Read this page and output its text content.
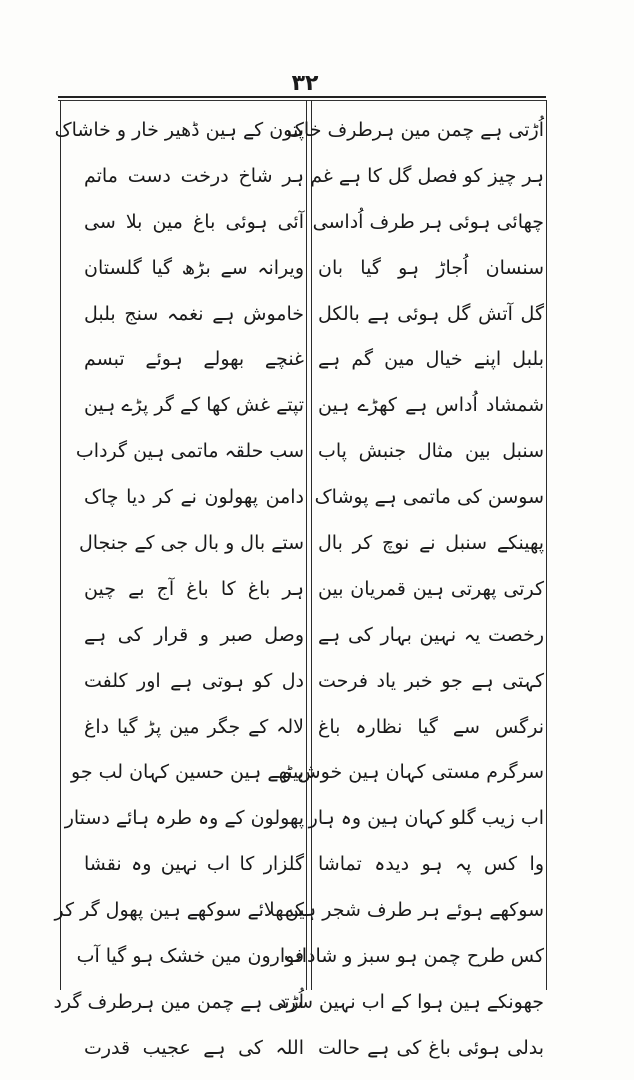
۳۲
اُڑتی ہے چمن مین ہرطرف خاک
ہر چیز کو فصل گل کا ہے غم
چھائی ہوئی ہر طرف اُداسی
سنسان اُجاڑ ہو گیا بان
گل آتش گل ہوئی ہے بالکل
بلبل اپنے خیال مین گم ہے
شمشاد اُداس ہے کھڑے ہین
سنبل بین مثال جنبش پاب
سوسن کی ماتمی ہے پوشاک
پھینکے سنبل نے نوچ کر بال
کرتی پھرتی ہین قمریان بین
رخصت یہ نہین بہار کی ہے
کہتی ہے جو خبر یاد فرحت
نرگس سے گیا نظارہ باغ
سرگرم مستی کہان ہین خوش و
اب زیب گلو کہان ہین وہ ہار
وا کس پہ ہو دیدہ تماشا
سوکھے ہوئے ہر طرف شجر ہین
کس طرح چمن ہو سبز و شاداب
جھونکے ہین ہوا کے اب نہین سرد
بدلی ہوئی باغ کی ہے حالت
پتون کے ہین ڈھیر خار و خاشاک
ہر شاخ درخت دست ماتم
آئی ہوئی باغ مین بلا سی
ویرانہ سے بڑھ گیا گلستان
خاموش ہے نغمہ سنج بلبل
غنچے بھولے ہوئے تبسم
تپتے غش کھا کے گر پڑے ہین
سب حلقہ ماتمی ہین گرداب
دامن پھولون نے کر دیا چاک
ستے بال و بال جی کے جنجال
ہر باغ کا باغ آج بے چین
وصل صبر و قرار کی ہے
دل کو ہوتی ہے اور کلفت
لالہ کے جگر مین پڑ گیا داغ
بیٹھے ہین حسین کہان لب جو
پھولون کے وہ طرہ ہائے دستار
گلزار کا اب نہین وہ نقشا
کمھلائے سوکھے ہین پھول گر کر
فوارون مین خشک ہو گیا آب
اُڑتی ہے چمن مین ہرطرف گرد
اللہ کی ہے عجیب قدرت
